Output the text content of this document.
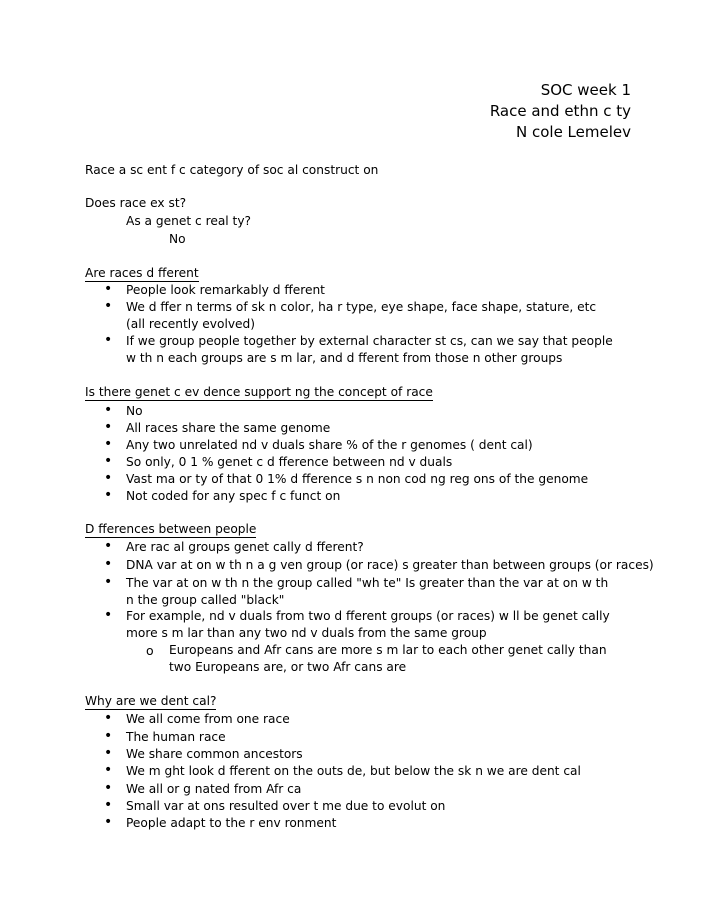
SOC week 1
Race and ethn c ty
N cole Lemelev
Race a sc ent f c category of soc al construct on
Does race ex st?
As a genet c real ty?
No
Are races d fferent
•
People look remarkably d fferent
•
We d ffer n terms of sk n color, ha r type, eye shape, face shape, stature, etc (all recently evolved)
•
If we group people together by external character st cs, can we say that people w th n each groups are s m lar, and d fferent from those n other groups
Is there genet c ev dence support ng the concept of race
•
No
•
All races share the same genome
•
Any two unrelated nd v duals share % of the r genomes ( dent cal)
•
So only, 0 1 % genet c d fference between nd v duals
•
Vast ma or ty of that 0 1% d fference s n non cod ng reg ons of the genome
•
Not coded for any spec f c funct on
D fferences between people
•
Are rac al groups genet cally d fferent?
•
DNA var at on w th n a g ven group (or race) s greater than between groups (or races)
•
The var at on w th n the group called "wh te" Is greater than the var at on w th n the group called "black"
•
For example, nd v duals from two d fferent groups (or races) w ll be genet cally more s m lar than any two nd v duals from the same group
o Europeans and Afr cans are more s m lar to each other genet cally than two Europeans are, or two Afr cans are
Why are we dent cal?
•
We all come from one race
•
The human race
•
We share common ancestors
•
We m ght look d fferent on the outs de, but below the sk n we are dent cal
•
We all or g nated from Afr ca
•
Small var at ons resulted over t me due to evolut on
•
People adapt to the r env ronment
